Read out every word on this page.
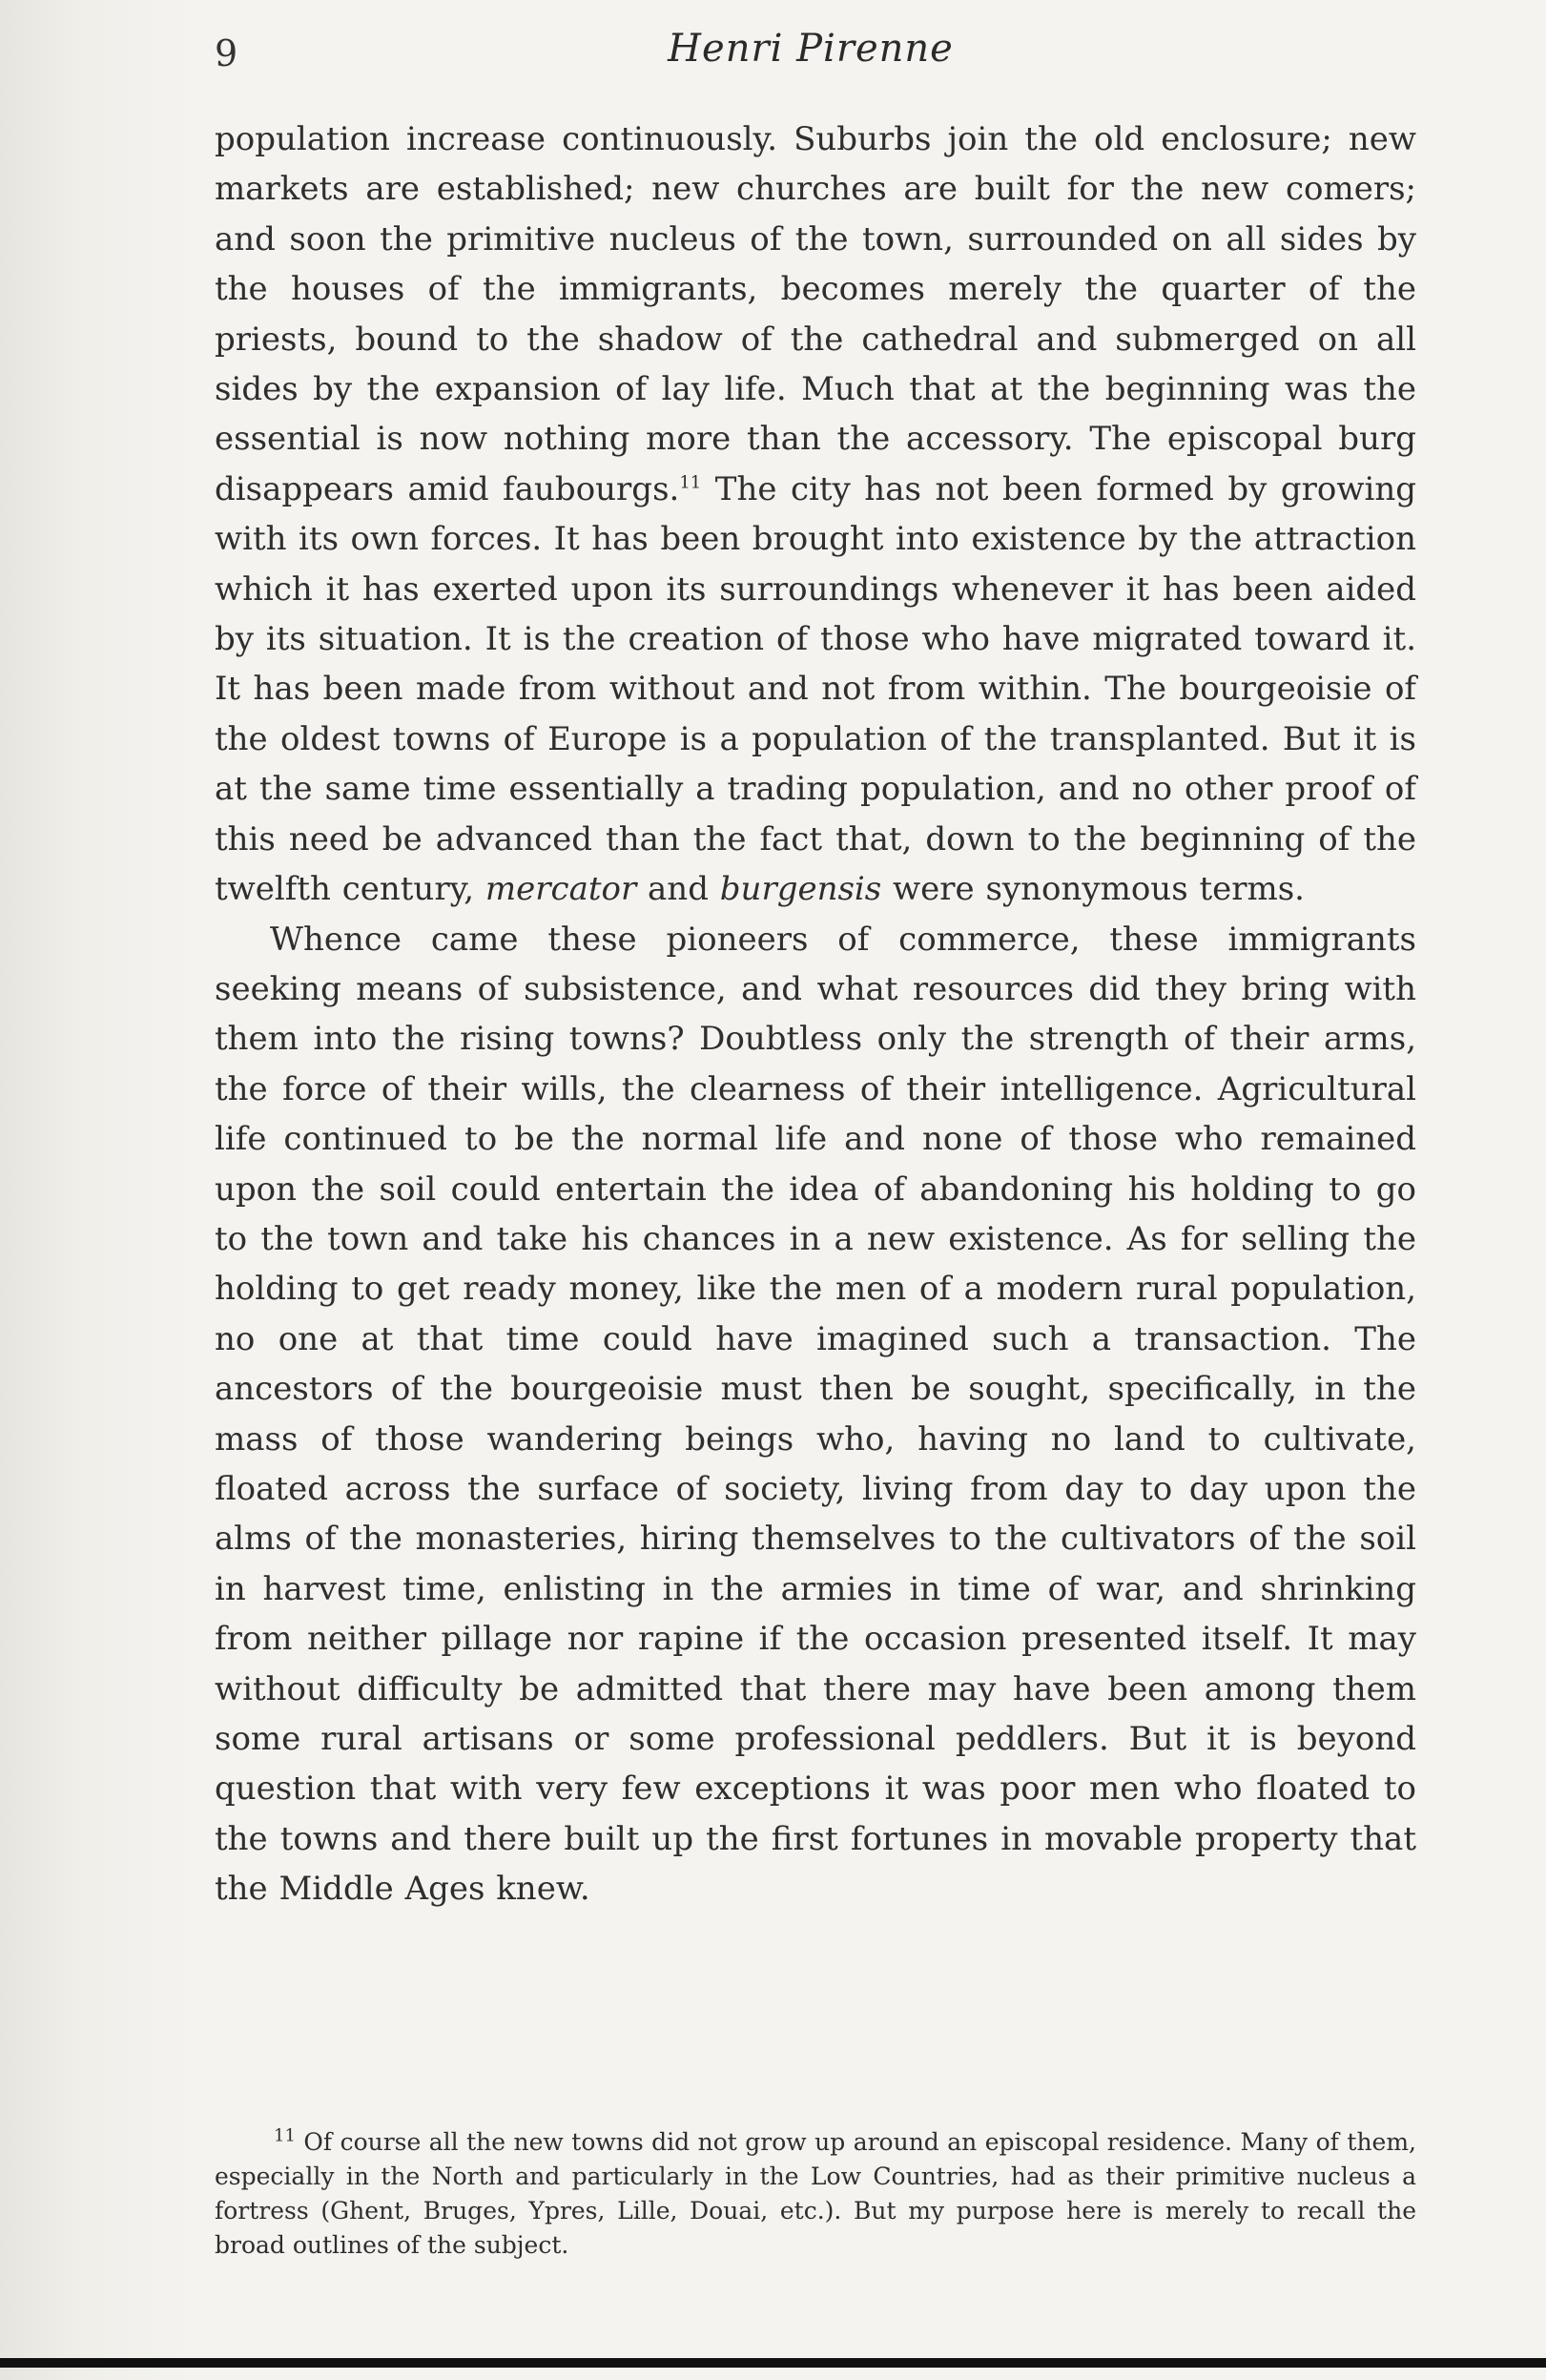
9	Henri Pirenne

population increase continuously. Suburbs join the old enclosure; new markets are established; new churches are built for the new comers; and soon the primitive nucleus of the town, surrounded on all sides by the houses of the immigrants, becomes merely the quarter of the priests, bound to the shadow of the cathedral and submerged on all sides by the expansion of lay life. Much that at the beginning was the essential is now nothing more than the accessory. The episcopal burg disappears amid faubourgs.$^{11}$ The city has not been formed by growing with its own forces. It has been brought into existence by the attraction which it has exerted upon its surroundings whenever it has been aided by its situation. It is the creation of those who have migrated toward it. It has been made from without and not from within. The bourgeoisie of the oldest towns of Europe is a population of the transplanted. But it is at the same time essentially a trading population, and no other proof of this need be advanced than the fact that, down to the beginning of the twelfth century, mercator and burgensis were synonymous terms.

Whence came these pioneers of commerce, these immigrants seeking means of subsistence, and what resources did they bring with them into the rising towns? Doubtless only the strength of their arms, the force of their wills, the clearness of their intelligence. Agricultural life continued to be the normal life and none of those who remained upon the soil could entertain the idea of abandoning his holding to go to the town and take his chances in a new existence. As for selling the holding to get ready money, like the men of a modern rural population, no one at that time could have imagined such a transaction. The ancestors of the bourgeoisie must then be sought, specifically, in the mass of those wandering beings who, having no land to cultivate, floated across the surface of society, living from day to day upon the alms of the monasteries, hiring themselves to the cultivators of the soil in harvest time, enlisting in the armies in time of war, and shrinking from neither pillage nor rapine if the occasion presented itself. It may without difficulty be admitted that there may have been among them some rural artisans or some professional peddlers. But it is beyond question that with very few exceptions it was poor men who floated to the towns and there built up the first fortunes in movable property that the Middle Ages knew.

$^{11}$ Of course all the new towns did not grow up around an episcopal residence. Many of them, especially in the North and particularly in the Low Countries, had as their primitive nucleus a fortress (Ghent, Bruges, Ypres, Lille, Douai, etc.). But my purpose here is merely to recall the broad outlines of the subject.
